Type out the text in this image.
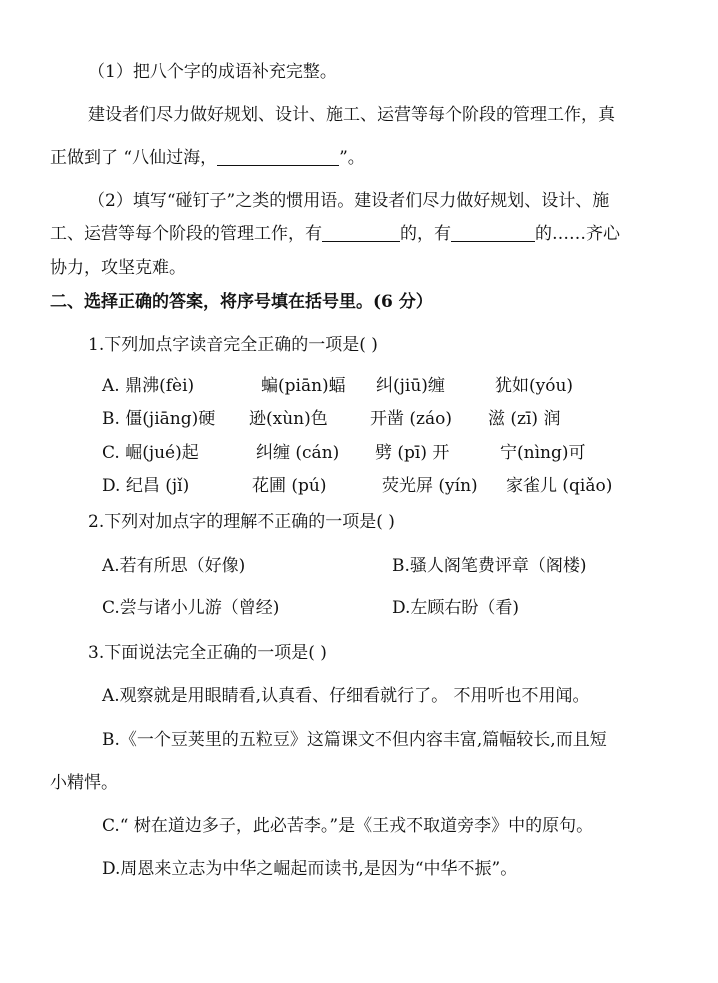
（1）把八个字的成语补充完整。
建设者们尽力做好规划、设计、施工、运营等每个阶段的管理工作，真
正做到了 “八仙过海，	”。
（2）填写“碰钉子”之类的惯用语。建设者们尽力做好规划、设计、施
工、运营等每个阶段的管理工作，有	的，有	的……齐心
协力，攻坚克难。
二、选择正确的答案，将序号填在括号里。(6 分）
1.下列加点字读音完全正确的一项是( )
A. 鼎沸(fèi)	蝙(piān)蝠 纠(jiū)缠	犹如(yóu)
B. 僵(jiāng)硬 逊(xùn)色 开凿 (záo) 滋 (zī) 润
C. 崛(jué)起	纠缠 (cán) 劈 (pī) 开	宁(nìng)可
D. 纪昌 (jǐ)	花圃 (pú)	荧光屏 (yín) 家雀儿 (qiǎo)
2.下列对加点字的理解不正确的一项是( )
A.若有所思（好像)	B.骚人阁笔费评章（阁楼)
C.尝与诸小儿游（曾经)	D.左顾右盼（看)
3.下面说法完全正确的一项是( )
A.观察就是用眼睛看,认真看、仔细看就行了。 不用听也不用闻。
B.《一个豆荚里的五粒豆》这篇课文不但内容丰富,篇幅较长,而且短
小精悍。
C.“ 树在道边多子，此必苦李。”是《王戎不取道旁李》中的原句。
D.周恩来立志为中华之崛起而读书,是因为“中华不振”。
